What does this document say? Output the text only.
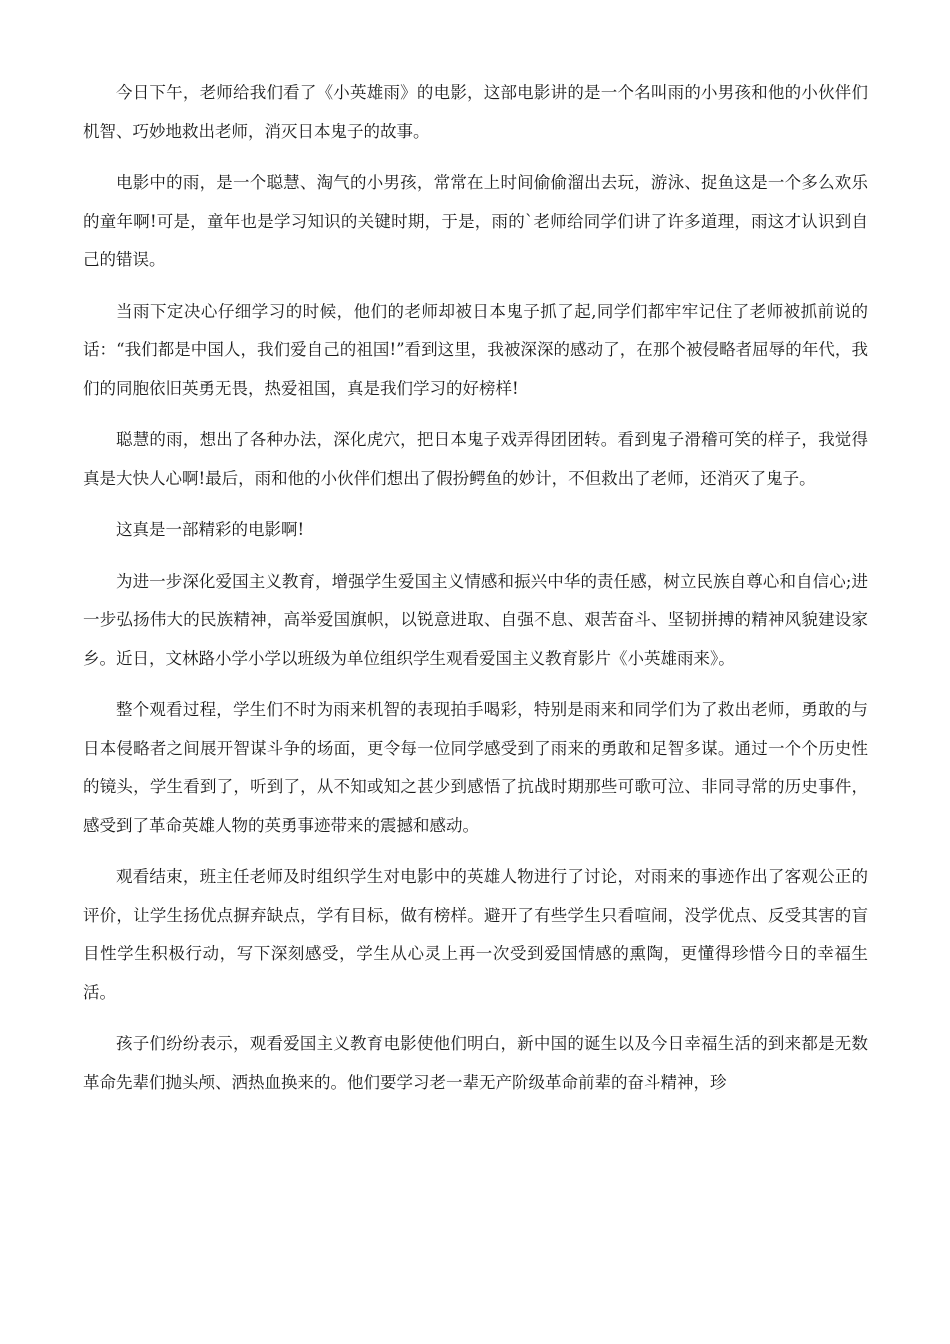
今日下午，老师给我们看了《小英雄雨》的电影，这部电影讲的是一个名叫雨的小男孩和他的小伙伴们机智、巧妙地救出老师，消灭日本鬼子的故事。

电影中的雨，是一个聪慧、淘气的小男孩，常常在上时间偷偷溜出去玩，游泳、捉鱼这是一个多么欢乐的童年啊!可是，童年也是学习知识的关键时期，于是，雨的`老师给同学们讲了许多道理，雨这才认识到自己的错误。

当雨下定决心仔细学习的时候，他们的老师却被日本鬼子抓了起,同学们都牢牢记住了老师被抓前说的话：“我们都是中国人，我们爱自己的祖国!”看到这里，我被深深的感动了，在那个被侵略者屈辱的年代，我们的同胞依旧英勇无畏，热爱祖国，真是我们学习的好榜样!

聪慧的雨，想出了各种办法，深化虎穴，把日本鬼子戏弄得团团转。看到鬼子滑稽可笑的样子，我觉得真是大快人心啊!最后，雨和他的小伙伴们想出了假扮鳄鱼的妙计，不但救出了老师，还消灭了鬼子。

这真是一部精彩的电影啊!

为进一步深化爱国主义教育，增强学生爱国主义情感和振兴中华的责任感，树立民族自尊心和自信心;进一步弘扬伟大的民族精神，高举爱国旗帜，以锐意进取、自强不息、艰苦奋斗、坚韧拼搏的精神风貌建设家乡。近日，文林路小学小学以班级为单位组织学生观看爱国主义教育影片《小英雄雨来》。

整个观看过程，学生们不时为雨来机智的表现拍手喝彩，特别是雨来和同学们为了救出老师，勇敢的与日本侵略者之间展开智谋斗争的场面，更令每一位同学感受到了雨来的勇敢和足智多谋。通过一个个历史性的镜头，学生看到了，听到了，从不知或知之甚少到感悟了抗战时期那些可歌可泣、非同寻常的历史事件，感受到了革命英雄人物的英勇事迹带来的震撼和感动。

观看结束，班主任老师及时组织学生对电影中的英雄人物进行了讨论，对雨来的事迹作出了客观公正的评价，让学生扬优点摒弃缺点，学有目标，做有榜样。避开了有些学生只看喧闹，没学优点、反受其害的盲目性学生积极行动，写下深刻感受，学生从心灵上再一次受到爱国情感的熏陶，更懂得珍惜今日的幸福生活。

孩子们纷纷表示，观看爱国主义教育电影使他们明白，新中国的诞生以及今日幸福生活的到来都是无数革命先辈们抛头颅、洒热血换来的。他们要学习老一辈无产阶级革命前辈的奋斗精神，珍
